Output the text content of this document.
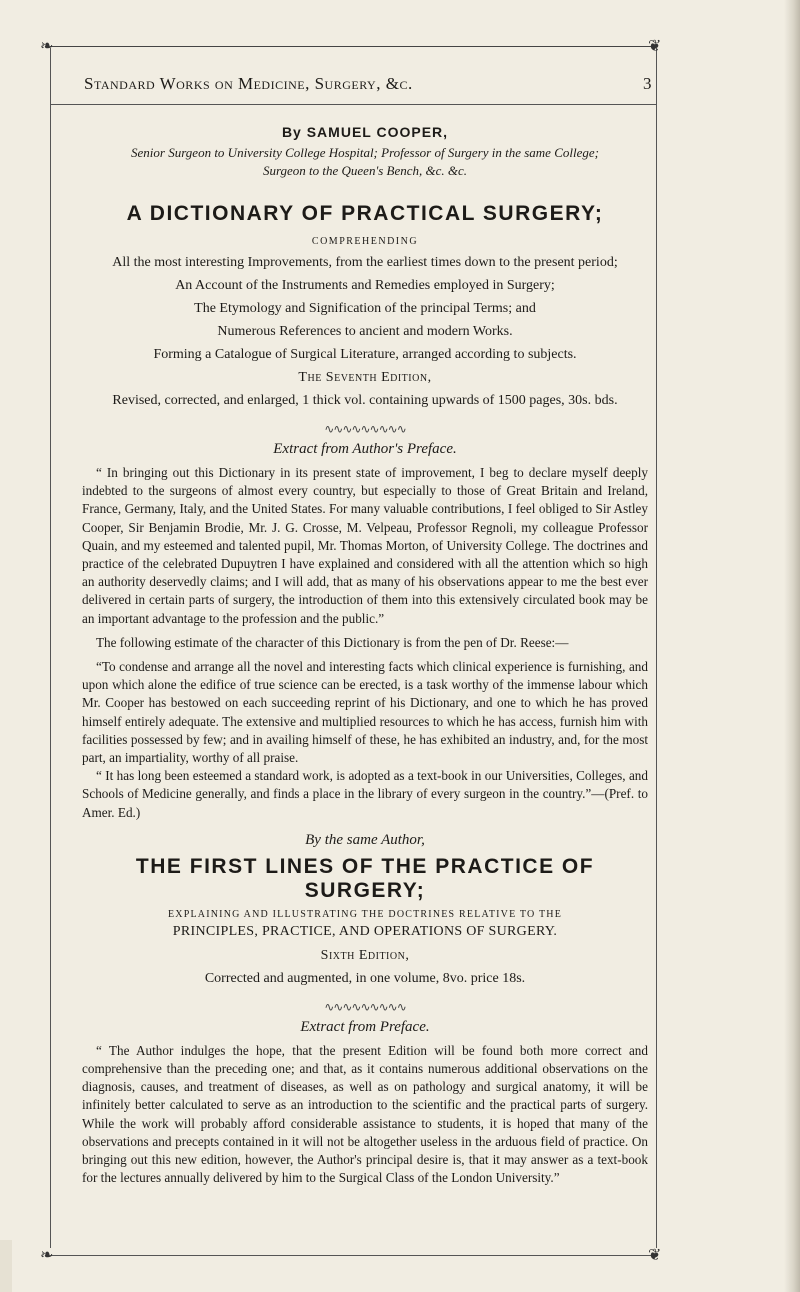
❧	❦
❧	❦
Standard Works on Medicine, Surgery, &c.	3
By SAMUEL COOPER,
Senior Surgeon to University College Hospital; Professor of Surgery in the same College;
Surgeon to the Queen's Bench, &c. &c.
A DICTIONARY OF PRACTICAL SURGERY;
COMPREHENDING
All the most interesting Improvements, from the earliest times down to the present period;
An Account of the Instruments and Remedies employed in Surgery;
The Etymology and Signification of the principal Terms; and
Numerous References to ancient and modern Works.
Forming a Catalogue of Surgical Literature, arranged according to subjects.
The Seventh Edition,
Revised, corrected, and enlarged, 1 thick vol. containing upwards of 1500 pages, 30s. bds.
∿∿∿∿∿∿∿∿∿
Extract from Author's Preface.

“ In bringing out this Dictionary in its present state of improvement, I beg to declare myself deeply indebted to the surgeons of almost every country, but especially to those of Great Britain and Ireland, France, Germany, Italy, and the United States. For many valuable contributions, I feel obliged to Sir Astley Cooper, Sir Benjamin Brodie, Mr. J. G. Crosse, M. Velpeau, Professor Regnoli, my colleague Professor Quain, and my esteemed and talented pupil, Mr. Thomas Morton, of University College. The doctrines and practice of the celebrated Dupuytren I have explained and considered with all the attention which so high an authority deservedly claims; and I will add, that as many of his observations appear to me the best ever delivered in certain parts of surgery, the introduction of them into this extensively circulated book may be an important advantage to the profession and the public.”

The following estimate of the character of this Dictionary is from the pen of Dr. Reese:—

“To condense and arrange all the novel and interesting facts which clinical experience is furnishing, and upon which alone the edifice of true science can be erected, is a task worthy of the immense labour which Mr. Cooper has bestowed on each succeeding reprint of his Dictionary, and one to which he has proved himself entirely adequate. The extensive and multiplied resources to which he has access, furnish him with facilities possessed by few; and in availing himself of these, he has exhibited an industry, and, for the most part, an impartiality, worthy of all praise.

“ It has long been esteemed a standard work, is adopted as a text-book in our Universities, Colleges, and Schools of Medicine generally, and finds a place in the library of every surgeon in the country.”—(Pref. to Amer. Ed.)

By the same Author,
THE FIRST LINES OF THE PRACTICE OF SURGERY;
EXPLAINING AND ILLUSTRATING THE DOCTRINES RELATIVE TO THE
PRINCIPLES, PRACTICE, AND OPERATIONS OF SURGERY.
Sixth Edition,
Corrected and augmented, in one volume, 8vo. price 18s.
∿∿∿∿∿∿∿∿∿
Extract from Preface.

“ The Author indulges the hope, that the present Edition will be found both more correct and comprehensive than the preceding one; and that, as it contains numerous additional observations on the diagnosis, causes, and treatment of diseases, as well as on pathology and surgical anatomy, it will be infinitely better calculated to serve as an introduction to the scientific and the practical parts of surgery. While the work will probably afford considerable assistance to students, it is hoped that many of the observations and precepts contained in it will not be altogether useless in the arduous field of practice. On bringing out this new edition, however, the Author's principal desire is, that it may answer as a text-book for the lectures annually delivered by him to the Surgical Class of the London University.”
